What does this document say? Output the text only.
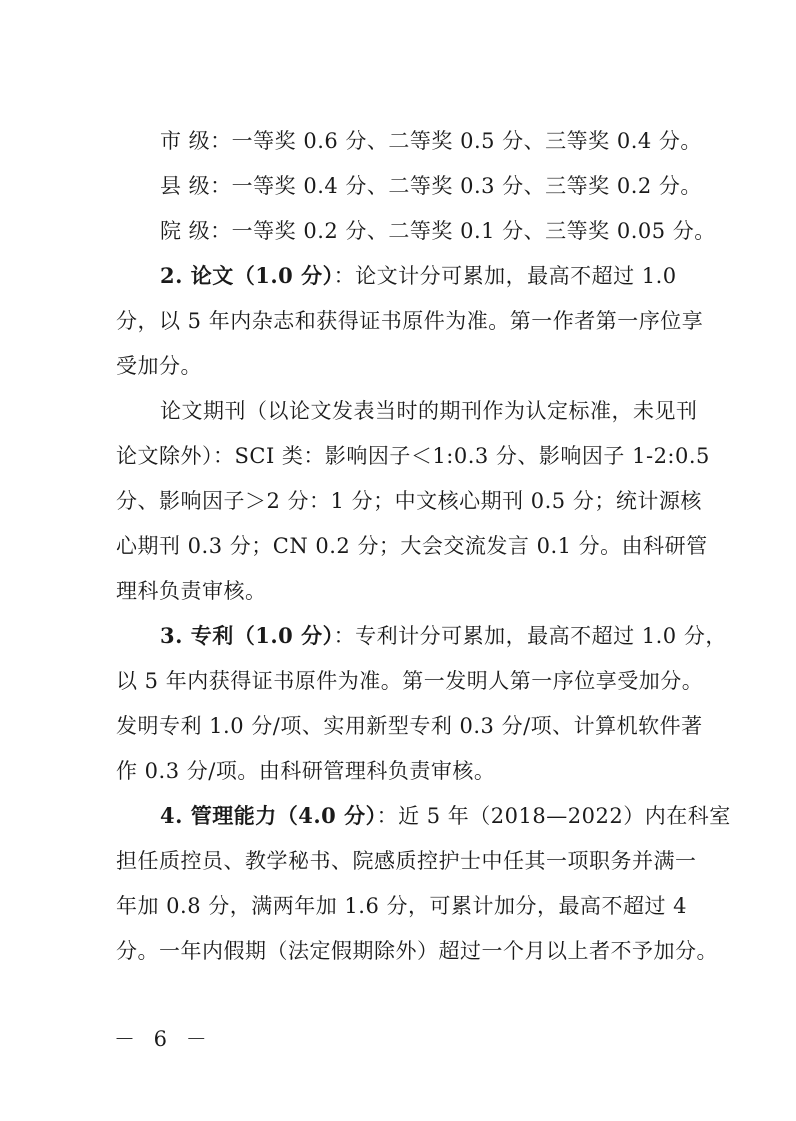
市 级：一等奖 0.6 分、二等奖 0.5 分、三等奖 0.4 分。
县 级：一等奖 0.4 分、二等奖 0.3 分、三等奖 0.2 分。
院 级：一等奖 0.2 分、二等奖 0.1 分、三等奖 0.05 分。
2. 论文（1.0 分）：论文计分可累加，最高不超过 1.0
分，以 5 年内杂志和获得证书原件为准。第一作者第一序位享
受加分。
论文期刊（以论文发表当时的期刊作为认定标准，未见刊
论文除外）：SCI 类：影响因子＜1:0.3 分、影响因子 1-2:0.5
分、影响因子＞2 分：1 分；中文核心期刊 0.5 分；统计源核
心期刊 0.3 分；CN 0.2 分；大会交流发言 0.1 分。由科研管
理科负责审核。
3. 专利（1.0 分）：专利计分可累加，最高不超过 1.0 分，
以 5 年内获得证书原件为准。第一发明人第一序位享受加分。
发明专利 1.0 分/项、实用新型专利 0.3 分/项、计算机软件著
作 0.3 分/项。由科研管理科负责审核。
4. 管理能力（4.0 分）：近 5 年（2018—2022）内在科室
担任质控员、教学秘书、院感质控护士中任其一项职务并满一
年加 0.8 分，满两年加 1.6 分，可累计加分，最高不超过 4
分。一年内假期（法定假期除外）超过一个月以上者不予加分。
－ 6 －
